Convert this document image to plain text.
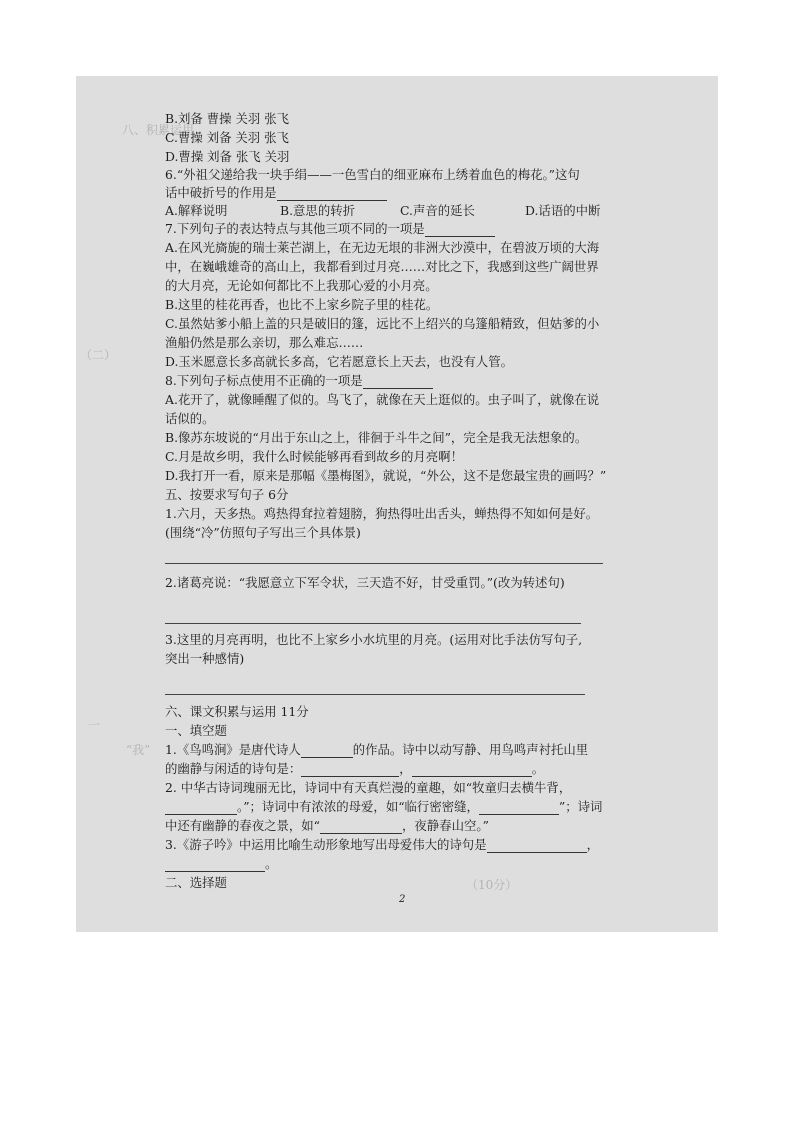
八、积累运用
（二）
一
“我”
（10分）
B.刘备 曹操 关羽 张飞
C.曹操 刘备 关羽 张飞
D.曹操 刘备 张飞 关羽
6.“外祖父递给我一块手绢——一色雪白的细亚麻布上绣着血色的梅花。”这句
话中破折号的作用是
A.解释说明	B.意思的转折	C.声音的延长	D.话语的中断
7.下列句子的表达特点与其他三项不同的一项是
A.在风光旖旎的瑞士莱芒湖上，在无边无垠的非洲大沙漠中，在碧波万顷的大海
中，在巍峨雄奇的高山上，我都看到过月亮……对比之下，我感到这些广阔世界
的大月亮，无论如何都比不上我那心爱的小月亮。
B.这里的桂花再香，也比不上家乡院子里的桂花。
C.虽然姑爹小船上盖的只是破旧的篷，远比不上绍兴的乌篷船精致，但姑爹的小
渔船仍然是那么亲切，那么难忘……
D.玉米愿意长多高就长多高，它若愿意长上天去，也没有人管。
8.下列句子标点使用不正确的一项是
A.花开了，就像睡醒了似的。鸟飞了，就像在天上逛似的。虫子叫了，就像在说
话似的。
B.像苏东坡说的“月出于东山之上，徘徊于斗牛之间”，完全是我无法想象的。
C.月是故乡明，我什么时候能够再看到故乡的月亮啊！
D.我打开一看，原来是那幅《墨梅图》，就说，“外公，这不是您最宝贵的画吗？”
五、按要求写句子 6分
1.六月，天多热。鸡热得耷拉着翅膀，狗热得吐出舌头，蝉热得不知如何是好。
(围绕“冷”仿照句子写出三个具体景)
2.诸葛亮说：“我愿意立下军令状，三天造不好，甘受重罚。”(改为转述句)
3.这里的月亮再明，也比不上家乡小水坑里的月亮。(运用对比手法仿写句子,
突出一种感情)
六、课文积累与运用 11分
一、填空题
1.《鸟鸣涧》是唐代诗人	的作品。诗中以动写静、用鸟鸣声衬托山里
的幽静与闲适的诗句是：	，	。
2. 中华古诗词瑰丽无比，诗词中有天真烂漫的童趣，如“牧童归去横牛背，
。”；诗词中有浓浓的母爱，如“临行密密缝，	”；诗词
中还有幽静的春夜之景，如“	，夜静春山空。”
3.《游子吟》中运用比喻生动形象地写出母爱伟大的诗句是	，
。
二、选择题
2
